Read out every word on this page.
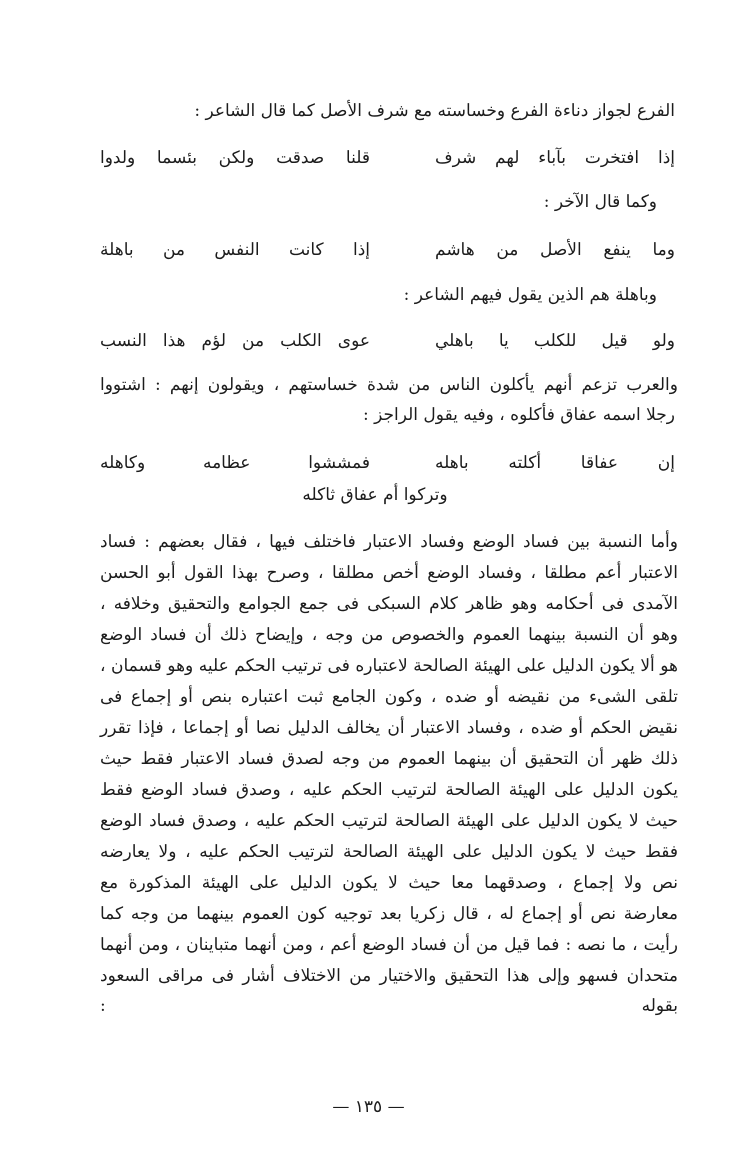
الفرع لجواز دناءة الفرع وخساسته مع شرف الأصل كما قال الشاعر :
إذا افتخرت بآباء لهم شرف
قلنا صدقت ولكن بئسما ولدوا
وكما قال الآخر :
وما ينفع الأصل من هاشم
إذا كانت النفس من باهلة
وباهلة هم الذين يقول فيهم الشاعر :
ولو قيل للكلب يا باهلي
عوى الكلب من لؤم هذا النسب
والعرب تزعم أنهم يأكلون الناس من شدة خساستهم ، ويقولون إنهم : اشتووا
رجلا اسمه عفاق فأكلوه ، وفيه يقول الراجز :
إن عفاقا أكلته باهله
فمششوا عظامه وكاهله
وتركوا أم عفاق ثاكله
وأما النسبة بين فساد الوضع وفساد الاعتبار فاختلف فيها ، فقال بعضهم : فساد
الاعتبار أعم مطلقا ، وفساد الوضع أخص مطلقا ، وصرح بهذا القول أبو الحسن
الآمدى فى أحكامه وهو ظاهر كلام السبكى فى جمع الجوامع والتحقيق وخلافه ،
وهو أن النسبة بينهما العموم والخصوص من وجه ، وإيضاح ذلك أن فساد الوضع
هو ألا يكون الدليل على الهيئة الصالحة لاعتباره فى ترتيب الحكم عليه وهو قسمان ،
تلقى الشىء من نقيضه أو ضده ، وكون الجامع ثبت اعتباره بنص أو إجماع فى
نقيض الحكم أو ضده ، وفساد الاعتبار أن يخالف الدليل نصا أو إجماعا ، فإذا تقرر
ذلك ظهر أن التحقيق أن بينهما العموم من وجه لصدق فساد الاعتبار فقط حيث
يكون الدليل على الهيئة الصالحة لترتيب الحكم عليه ، وصدق فساد الوضع فقط
حيث لا يكون الدليل على الهيئة الصالحة لترتيب الحكم عليه ، وصدق فساد الوضع
فقط حيث لا يكون الدليل على الهيئة الصالحة لترتيب الحكم عليه ، ولا يعارضه
نص ولا إجماع ، وصدقهما معا حيث لا يكون الدليل على الهيئة المذكورة مع
معارضة نص أو إجماع له ، قال زكريا بعد توجيه كون العموم بينهما من وجه كما
رأيت ، ما نصه : فما قيل من أن فساد الوضع أعم ، ومن أنهما متباينان ، ومن أنهما
متحدان فسهو وإلى هذا التحقيق والاختيار من الاختلاف أشار فى مراقى السعود بقوله :
— ١٣٥ —
